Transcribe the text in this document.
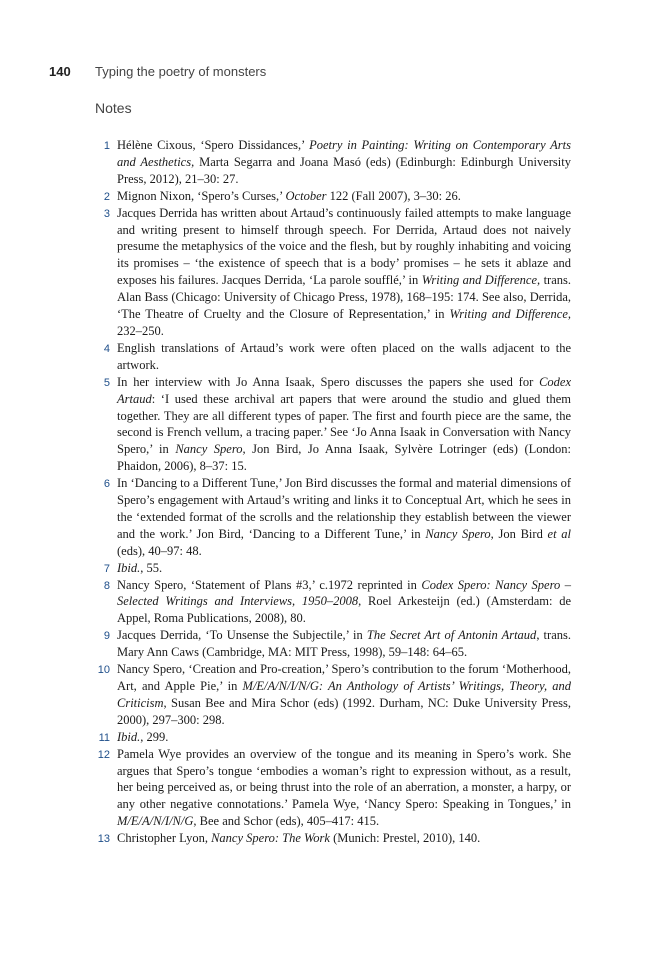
140	Typing the poetry of monsters
Notes
1 Hélène Cixous, ‘Spero Dissidances,’ Poetry in Painting: Writing on Contemporary Arts and Aesthetics, Marta Segarra and Joana Masó (eds) (Edinburgh: Edinburgh University Press, 2012), 21–30: 27.
2 Mignon Nixon, ‘Spero’s Curses,’ October 122 (Fall 2007), 3–30: 26.
3 Jacques Derrida has written about Artaud’s continuously failed attempts to make language and writing present to himself through speech. For Derrida, Artaud does not naively presume the metaphysics of the voice and the flesh, but by roughly inhabiting and voicing its promises – ‘the existence of speech that is a body’ promises – he sets it ablaze and exposes his failures. Jacques Derrida, ‘La parole soufflé,’ in Writing and Difference, trans. Alan Bass (Chicago: University of Chicago Press, 1978), 168–195: 174. See also, Derrida, ‘The Theatre of Cruelty and the Closure of Representation,’ in Writing and Difference, 232–250.
4 English translations of Artaud’s work were often placed on the walls adjacent to the artwork.
5 In her interview with Jo Anna Isaak, Spero discusses the papers she used for Codex Artaud: ‘I used these archival art papers that were around the studio and glued them together. They are all different types of paper. The first and fourth piece are the same, the second is French vellum, a tracing paper.’ See ‘Jo Anna Isaak in Conversation with Nancy Spero,’ in Nancy Spero, Jon Bird, Jo Anna Isaak, Sylvère Lotringer (eds) (London: Phaidon, 2006), 8–37: 15.
6 In ‘Dancing to a Different Tune,’ Jon Bird discusses the formal and material dimensions of Spero’s engagement with Artaud’s writing and links it to Conceptual Art, which he sees in the ‘extended format of the scrolls and the relationship they establish between the viewer and the work.’ Jon Bird, ‘Dancing to a Different Tune,’ in Nancy Spero, Jon Bird et al (eds), 40–97: 48.
7 Ibid., 55.
8 Nancy Spero, ‘Statement of Plans #3,’ c.1972 reprinted in Codex Spero: Nancy Spero – Selected Writings and Interviews, 1950–2008, Roel Arkesteijn (ed.) (Amsterdam: de Appel, Roma Publications, 2008), 80.
9 Jacques Derrida, ‘To Unsense the Subjectile,’ in The Secret Art of Antonin Artaud, trans. Mary Ann Caws (Cambridge, MA: MIT Press, 1998), 59–148: 64–65.
10 Nancy Spero, ‘Creation and Pro-creation,’ Spero’s contribution to the forum ‘Motherhood, Art, and Apple Pie,’ in M/E/A/N/I/N/G: An Anthology of Artists’ Writings, Theory, and Criticism, Susan Bee and Mira Schor (eds) (1992. Durham, NC: Duke University Press, 2000), 297–300: 298.
11 Ibid., 299.
12 Pamela Wye provides an overview of the tongue and its meaning in Spero’s work. She argues that Spero’s tongue ‘embodies a woman’s right to expression without, as a result, her being perceived as, or being thrust into the role of an aberration, a monster, a harpy, or any other negative connotations.’ Pamela Wye, ‘Nancy Spero: Speaking in Tongues,’ in M/E/A/N/I/N/G, Bee and Schor (eds), 405–417: 415.
13 Christopher Lyon, Nancy Spero: The Work (Munich: Prestel, 2010), 140.
